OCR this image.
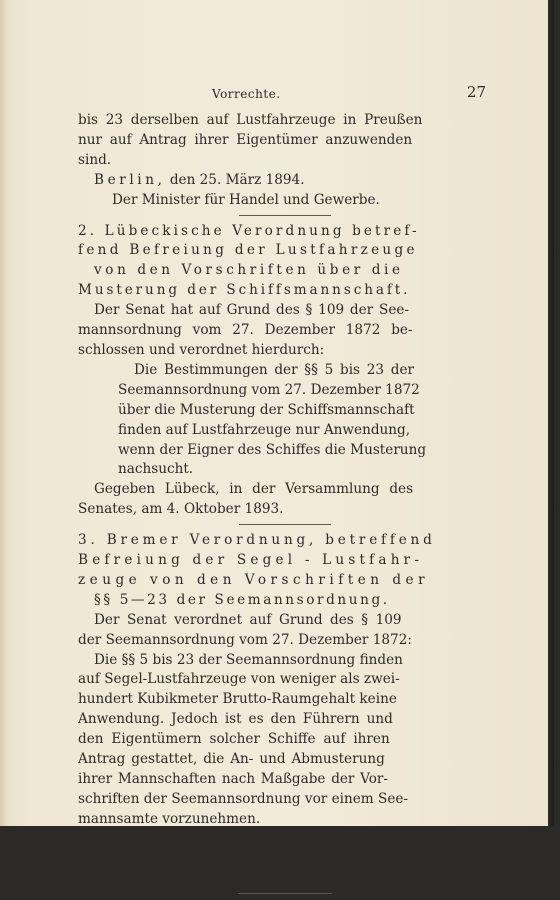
Vorrechte.	27
bis 23 derselben auf Lustfahrzeuge in Preußen
nur auf Antrag ihrer Eigentümer anzuwenden
sind.
Berlin, den 25. März 1894.
Der Minister für Handel und Gewerbe.
2. Lübeckische Verordnung betref-
fend Befreiung der Lustfahrzeuge
von den Vorschriften über die
Musterung der Schiffsmannschaft.
Der Senat hat auf Grund des § 109 der See-
mannsordnung vom 27. Dezember 1872 be-
schlossen und verordnet hierdurch:
Die Bestimmungen der §§ 5 bis 23 der
Seemannsordnung vom 27. Dezember 1872
über die Musterung der Schiffsmannschaft
finden auf Lustfahrzeuge nur Anwendung,
wenn der Eigner des Schiffes die Musterung
nachsucht.
Gegeben Lübeck, in der Versammlung des
Senates, am 4. Oktober 1893.
3. Bremer Verordnung, betreffend
Befreiung der Segel - Lustfahr-
zeuge von den Vorschriften der
§§ 5—23 der Seemannsordnung.
Der Senat verordnet auf Grund des § 109
der Seemannsordnung vom 27. Dezember 1872:
Die §§ 5 bis 23 der Seemannsordnung finden
auf Segel-Lustfahrzeuge von weniger als zwei-
hundert Kubikmeter Brutto-Raumgehalt keine
Anwendung. Jedoch ist es den Führern und
den Eigentümern solcher Schiffe auf ihren
Antrag gestattet, die An- und Abmusterung
ihrer Mannschaften nach Maßgabe der Vor-
schriften der Seemannsordnung vor einem See-
mannsamte vorzunehmen.
Beschlossen Bremen in der Versammlung
des Senats am 14. und bekannt gemacht am
16. November 1893.
